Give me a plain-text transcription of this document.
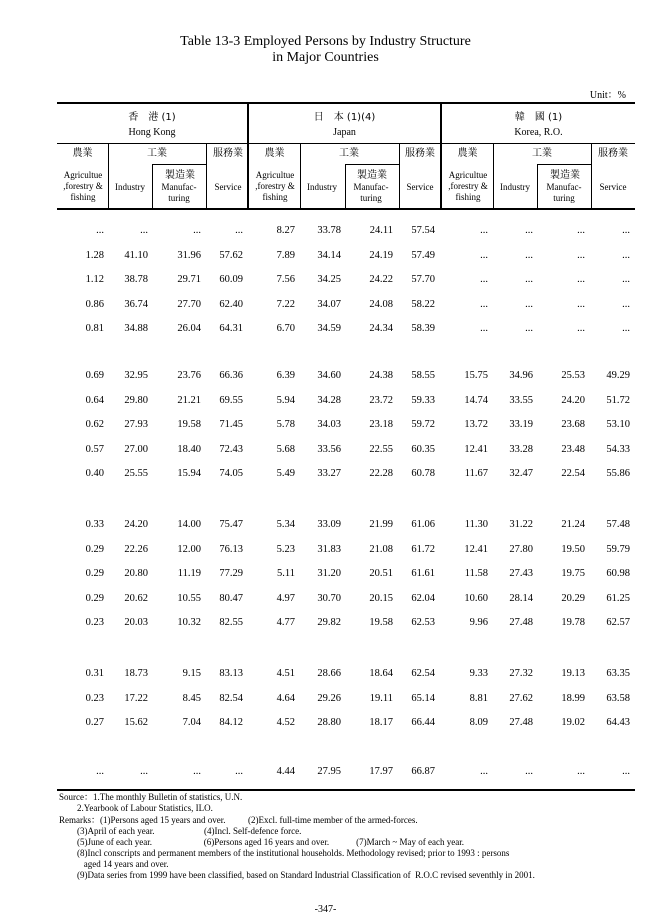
Table 13-3 Employed Persons by Industry Structure
in Major Countries
Unit：%
香　港 (1)
Hong Kong
農業	工業	服務業
Agricultue ,forestry & fishing
Industry
製造業
Manufac- turing
Service
日　本 (1)(4)
Japan
農業	工業	服務業
Agricultue ,forestry & fishing
Industry
製造業
Manufac- turing
Service
韓　國 (1)
Korea, R.O.
農業	工業	服務業
Agricultue ,forestry & fishing
Industry
製造業
Manufac- turing
Service
...	...	...	...	8.27	33.78	24.11	57.54	...	...	...	...
1.28	41.10	31.96	57.62	7.89	34.14	24.19	57.49	...	...	...	...
1.12	38.78	29.71	60.09	7.56	34.25	24.22	57.70	...	...	...	...
0.86	36.74	27.70	62.40	7.22	34.07	24.08	58.22	...	...	...	...
0.81	34.88	26.04	64.31	6.70	34.59	24.34	58.39	...	...	...	...
0.69	32.95	23.76	66.36	6.39	34.60	24.38	58.55	15.75	34.96	25.53	49.29
0.64	29.80	21.21	69.55	5.94	34.28	23.72	59.33	14.74	33.55	24.20	51.72
0.62	27.93	19.58	71.45	5.78	34.03	23.18	59.72	13.72	33.19	23.68	53.10
0.57	27.00	18.40	72.43	5.68	33.56	22.55	60.35	12.41	33.28	23.48	54.33
0.40	25.55	15.94	74.05	5.49	33.27	22.28	60.78	11.67	32.47	22.54	55.86
0.33	24.20	14.00	75.47	5.34	33.09	21.99	61.06	11.30	31.22	21.24	57.48
0.29	22.26	12.00	76.13	5.23	31.83	21.08	61.72	12.41	27.80	19.50	59.79
0.29	20.80	11.19	77.29	5.11	31.20	20.51	61.61	11.58	27.43	19.75	60.98
0.29	20.62	10.55	80.47	4.97	30.70	20.15	62.04	10.60	28.14	20.29	61.25
0.23	20.03	10.32	82.55	4.77	29.82	19.58	62.53	9.96	27.48	19.78	62.57
0.31	18.73	9.15	83.13	4.51	28.66	18.64	62.54	9.33	27.32	19.13	63.35
0.23	17.22	8.45	82.54	4.64	29.26	19.11	65.14	8.81	27.62	18.99	63.58
0.27	15.62	7.04	84.12	4.52	28.80	18.17	66.44	8.09	27.48	19.02	64.43
...	...	...	...	4.44	27.95	17.97	66.87	...	...	...	...
Source：1.The monthly Bulletin of statistics, U.N.
2.Yearbook of Labour Statistics, ILO.
Remarks：(1)Persons aged 15 years and over.          (2)Excl. full-time member of the armed-forces.
(3)April of each year.                      (4)Incl. Self-defence force.
(5)June of each year.                       (6)Persons aged 16 years and over.            (7)March ~ May of each year.
(8)Incl conscripts and permanent members of the institutional households. Methodology revised; prior to 1993 : persons
aged 14 years and over.
(9)Data series from 1999 have been classified, based on Standard Industrial Classification of  R.O.C revised seventhly in 2001.
-347-
